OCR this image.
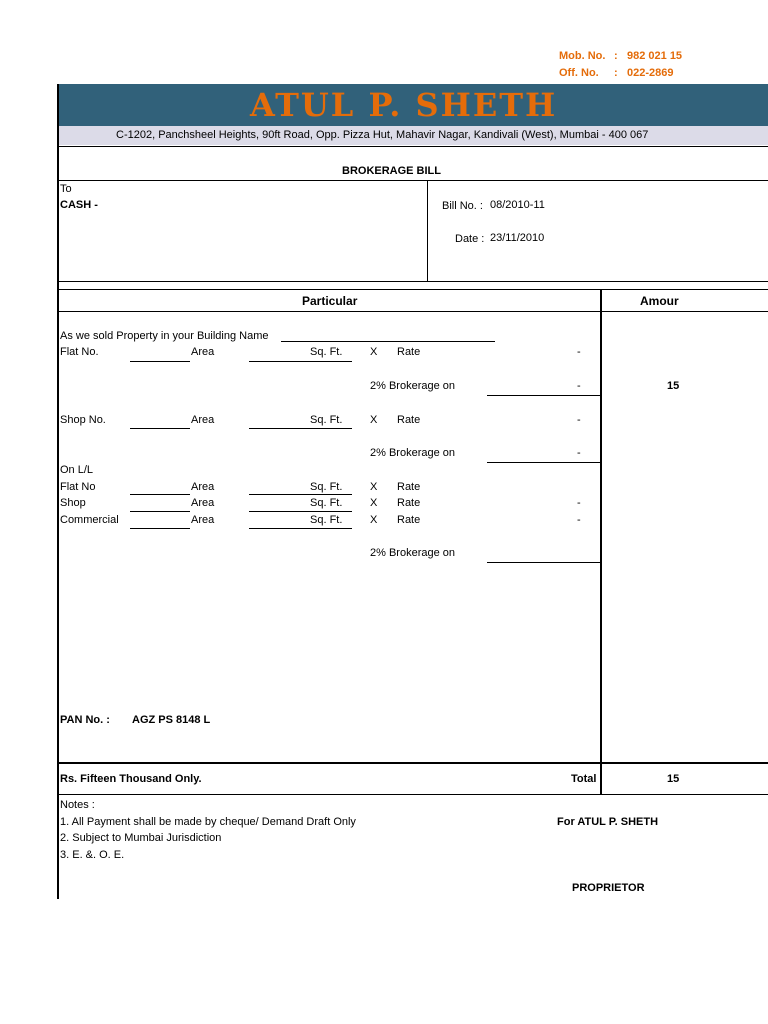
Mob. No. : 982 021 15
Off. No. : 022-2869
ATUL P. SHETH
C-1202, Panchsheel Heights, 90ft Road, Opp. Pizza Hut, Mahavir Nagar, Kandivali (West), Mumbai - 400 067
BROKERAGE BILL
To
CASH -	Bill No. : 08/2010-11
Date : 23/11/2010
Particular	Amour
As we sold Property in your Building Name
Flat No.	Area	Sq. Ft.	X Rate	-
2% Brokerage on	-	15
Shop No.	Area	Sq. Ft.	X Rate	-
2% Brokerage on	-
On L/L
Flat No	Area	Sq. Ft.	X Rate
Shop	Area	Sq. Ft.	X Rate	-
Commercial	Area	Sq. Ft.	X Rate	-
2% Brokerage on
PAN No. : AGZ PS 8148 L
Rs. Fifteen Thousand Only.	Total	15
Notes :
1. All Payment shall be made by cheque/ Demand Draft Only
2. Subject to Mumbai Jurisdiction
3. E. &. O. E.
For ATUL P. SHETH
PROPRIETOR
